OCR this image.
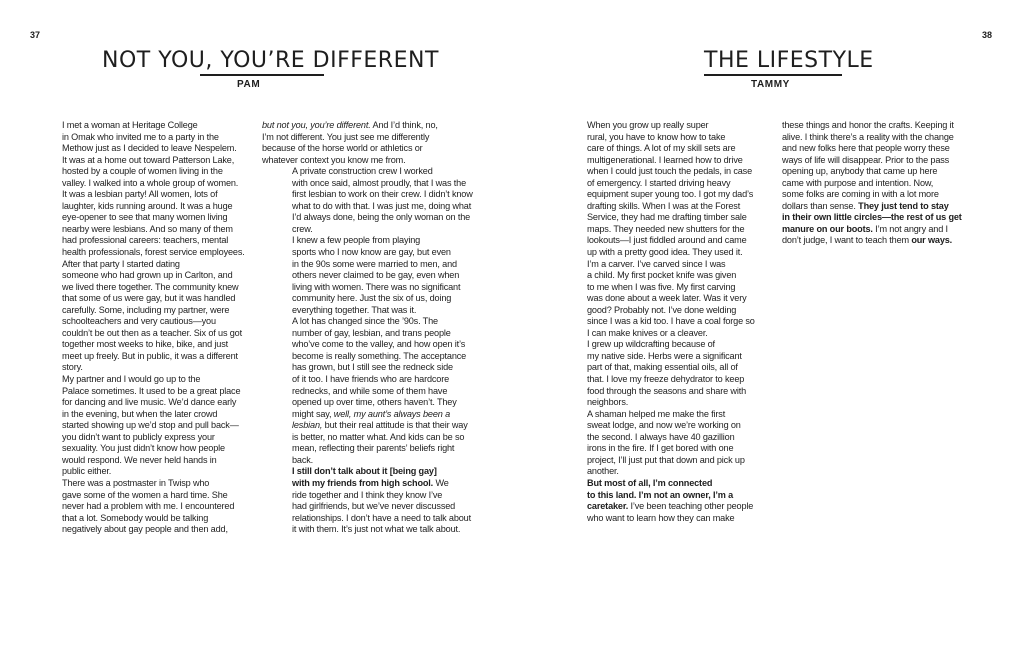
37
NOT YOU, YOU’RE DIFFERENT
PAM

I met a woman at Heritage College
in Omak who invited me to a party in the
Methow just as I decided to leave Nespelem.
It was at a home out toward Patterson Lake,
hosted by a couple of women living in the
valley. I walked into a whole group of women.
It was a lesbian party! All women, lots of
laughter, kids running around. It was a huge
eye-opener to see that many women living
nearby were lesbians. And so many of them
had professional careers: teachers, mental
health professionals, forest service employees.

After that party I started dating
someone who had grown up in Carlton, and
we lived there together. The community knew
that some of us were gay, but it was handled
carefully. Some, including my partner, were
schoolteachers and very cautious—you
couldn’t be out then as a teacher. Six of us got
together most weeks to hike, bike, and just
meet up freely. But in public, it was a different
story.

My partner and I would go up to the
Palace sometimes. It used to be a great place
for dancing and live music. We’d dance early
in the evening, but when the later crowd
started showing up we’d stop and pull back—
you didn’t want to publicly express your
sexuality. You just didn’t know how people
would respond. We never held hands in
public either.

There was a postmaster in Twisp who
gave some of the women a hard time. She
never had a problem with me. I encountered
that a lot. Somebody would be talking
negatively about gay people and then add,

but not you, you’re different. And I’d think, no,
I’m not different. You just see me differently
because of the horse world or athletics or
whatever context you know me from.

A private construction crew I worked
with once said, almost proudly, that I was the
first lesbian to work on their crew. I didn’t know
what to do with that. I was just me, doing what
I’d always done, being the only woman on the
crew.

I knew a few people from playing
sports who I now know are gay, but even
in the 90s some were married to men, and
others never claimed to be gay, even when
living with women. There was no significant
community here. Just the six of us, doing
everything together. That was it.

A lot has changed since the ’90s. The
number of gay, lesbian, and trans people
who’ve come to the valley, and how open it’s
become is really something. The acceptance
has grown, but I still see the redneck side
of it too. I have friends who are hardcore
rednecks, and while some of them have
opened up over time, others haven’t. They
might say, well, my aunt’s always been a
lesbian, but their real attitude is that their way
is better, no matter what. And kids can be so
mean, reflecting their parents’ beliefs right
back.

I still don’t talk about it [being gay]
with my friends from high school. We
ride together and I think they know I’ve
had girlfriends, but we’ve never discussed
relationships. I don’t have a need to talk about
it with them. It’s just not what we talk about.

38
THE LIFESTYLE
TAMMY

When you grow up really super
rural, you have to know how to take
care of things. A lot of my skill sets are
multigenerational. I learned how to drive
when I could just touch the pedals, in case
of emergency. I started driving heavy
equipment super young too. I got my dad’s
drafting skills. When I was at the Forest
Service, they had me drafting timber sale
maps. They needed new shutters for the
lookouts—I just fiddled around and came
up with a pretty good idea. They used it.

I’m a carver. I’ve carved since I was
a child. My first pocket knife was given
to me when I was five. My first carving
was done about a week later. Was it very
good? Probably not. I’ve done welding
since I was a kid too. I have a coal forge so
I can make knives or a cleaver.

I grew up wildcrafting because of
my native side. Herbs were a significant
part of that, making essential oils, all of
that. I love my freeze dehydrator to keep
food through the seasons and share with
neighbors.

A shaman helped me make the first
sweat lodge, and now we’re working on
the second. I always have 40 gazillion
irons in the fire. If I get bored with one
project, I’ll just put that down and pick up
another.

But most of all, I’m connected
to this land. I’m not an owner, I’m a
caretaker. I’ve been teaching other people
who want to learn how they can make

these things and honor the crafts. Keeping it
alive. I think there’s a reality with the change
and new folks here that people worry these
ways of life will disappear. Prior to the pass
opening up, anybody that came up here
came with purpose and intention. Now,
some folks are coming in with a lot more
dollars than sense. They just tend to stay
in their own little circles—the rest of us get
manure on our boots. I’m not angry and I
don’t judge, I want to teach them our ways.
